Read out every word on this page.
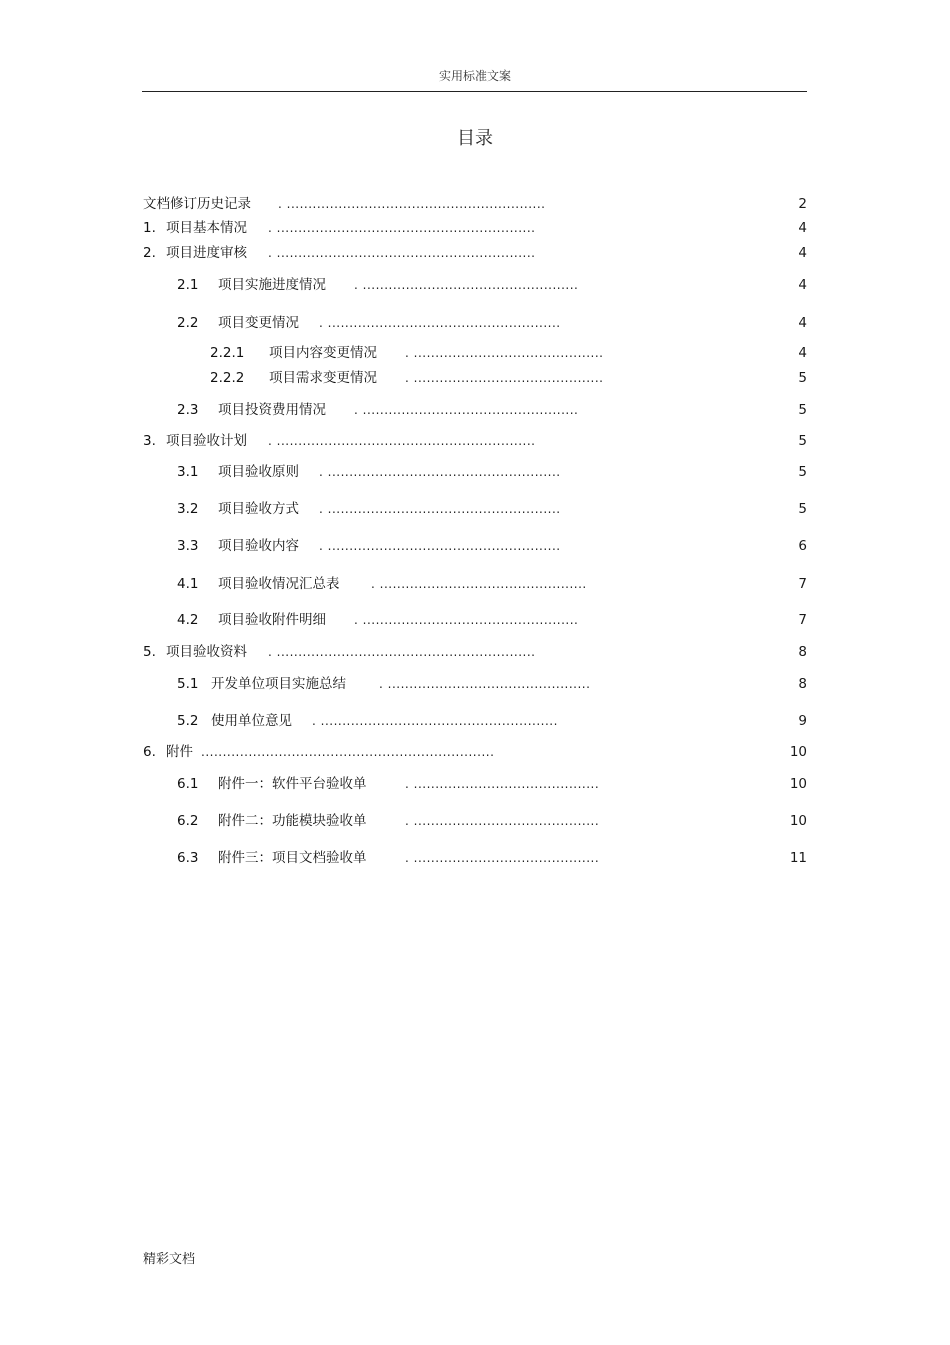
实用标准文案
目录
文档修订历史记录 . ............................................................	2
1. 项目基本情况 . ............................................................	4
2. 项目进度审核 . ............................................................	4
2.1 项目实施进度情况 . ..................................................	4
2.2 项目变更情况 . ......................................................	4
2.2.1 项目内容变更情况 . ............................................	4
2.2.2 项目需求变更情况 . ............................................	5
2.3 项目投资费用情况 . ..................................................	5
3. 项目验收计划 . ............................................................	5
3.1 项目验收原则 . ......................................................	5
3.2 项目验收方式 . ......................................................	5
3.3 项目验收内容 . ......................................................	6
4.1 项目验收情况汇总表	. ................................................	7
4.2 项目验收附件明细 . ..................................................	7
5. 项目验收资料 . ............................................................	8
5.1 开发单位项目实施总结	. ...............................................	8
5.2 使用单位意见 . .......................................................	9
6. 附件 ....................................................................	10
6.1 附件一：软件平台验收单	. ...........................................	10
6.2 附件二：功能模块验收单	. ...........................................	10
6.3 附件三：项目文档验收单	. ...........................................	11
精彩文档
